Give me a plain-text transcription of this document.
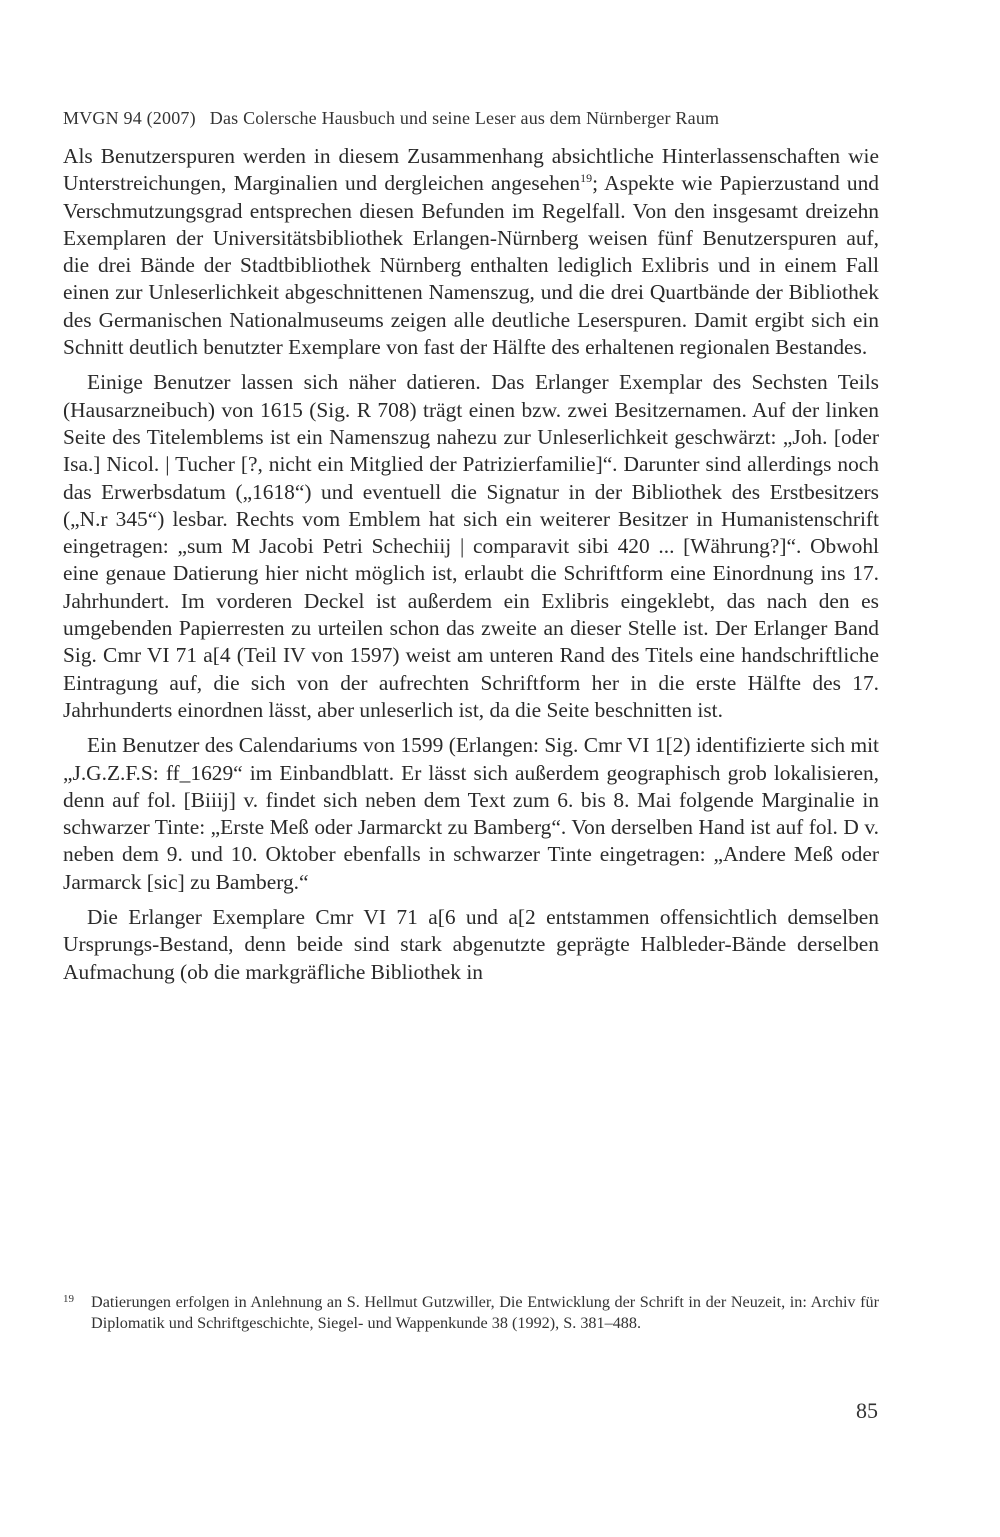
MVGN 94 (2007) Das Colersche Hausbuch und seine Leser aus dem Nürnberger Raum

Als Benutzerspuren werden in diesem Zusammenhang absichtliche Hinterlassenschaften wie Unterstreichungen, Marginalien und dergleichen angesehen$^{19}$; Aspekte wie Papierzustand und Verschmutzungsgrad entsprechen diesen Befunden im Regelfall. Von den insgesamt dreizehn Exemplaren der Universitätsbibliothek Erlangen-Nürnberg weisen fünf Benutzerspuren auf, die drei Bände der Stadtbibliothek Nürnberg enthalten lediglich Exlibris und in einem Fall einen zur Unleserlichkeit abgeschnittenen Namenszug, und die drei Quartbände der Bibliothek des Germanischen Nationalmuseums zeigen alle deutliche Leserspuren. Damit ergibt sich ein Schnitt deutlich benutzter Exemplare von fast der Hälfte des erhaltenen regionalen Bestandes.

Einige Benutzer lassen sich näher datieren. Das Erlanger Exemplar des Sechsten Teils (Hausarzneibuch) von 1615 (Sig. R 708) trägt einen bzw. zwei Besitzernamen. Auf der linken Seite des Titelemblems ist ein Namenszug nahezu zur Unleserlichkeit geschwärzt: „Joh. [oder Isa.] Nicol. | Tucher [?, nicht ein Mitglied der Patrizierfamilie]“. Darunter sind allerdings noch das Erwerbsdatum („1618“) und eventuell die Signatur in der Bibliothek des Erstbesitzers („N.r 345“) lesbar. Rechts vom Emblem hat sich ein weiterer Besitzer in Humanistenschrift eingetragen: „sum M Jacobi Petri Schechiij | comparavit sibi 420 ... [Währung?]“. Obwohl eine genaue Datierung hier nicht möglich ist, erlaubt die Schriftform eine Einordnung ins 17. Jahrhundert. Im vorderen Deckel ist außerdem ein Exlibris eingeklebt, das nach den es umgebenden Papierresten zu urteilen schon das zweite an dieser Stelle ist. Der Erlanger Band Sig. Cmr VI 71 a[4 (Teil IV von 1597) weist am unteren Rand des Titels eine handschriftliche Eintragung auf, die sich von der aufrechten Schriftform her in die erste Hälfte des 17. Jahrhunderts einordnen lässt, aber unleserlich ist, da die Seite beschnitten ist.

Ein Benutzer des Calendariums von 1599 (Erlangen: Sig. Cmr VI 1[2) identifizierte sich mit „J.G.Z.F.S: ff_1629“ im Einbandblatt. Er lässt sich außerdem geographisch grob lokalisieren, denn auf fol. [Biiij] v. findet sich neben dem Text zum 6. bis 8. Mai folgende Marginalie in schwarzer Tinte: „Erste Meß oder Jarmarckt zu Bamberg“. Von derselben Hand ist auf fol. D v. neben dem 9. und 10. Oktober ebenfalls in schwarzer Tinte eingetragen: „Andere Meß oder Jarmarck [sic] zu Bamberg.“

Die Erlanger Exemplare Cmr VI 71 a[6 und a[2 entstammen offensichtlich demselben Ursprungs-Bestand, denn beide sind stark abgenutzte geprägte Halbleder-Bände derselben Aufmachung (ob die markgräfliche Bibliothek in

19 Datierungen erfolgen in Anlehnung an S. Hellmut Gutzwiller, Die Entwicklung der Schrift in der Neuzeit, in: Archiv für Diplomatik und Schriftgeschichte, Siegel- und Wappenkunde 38 (1992), S. 381–488.
85
